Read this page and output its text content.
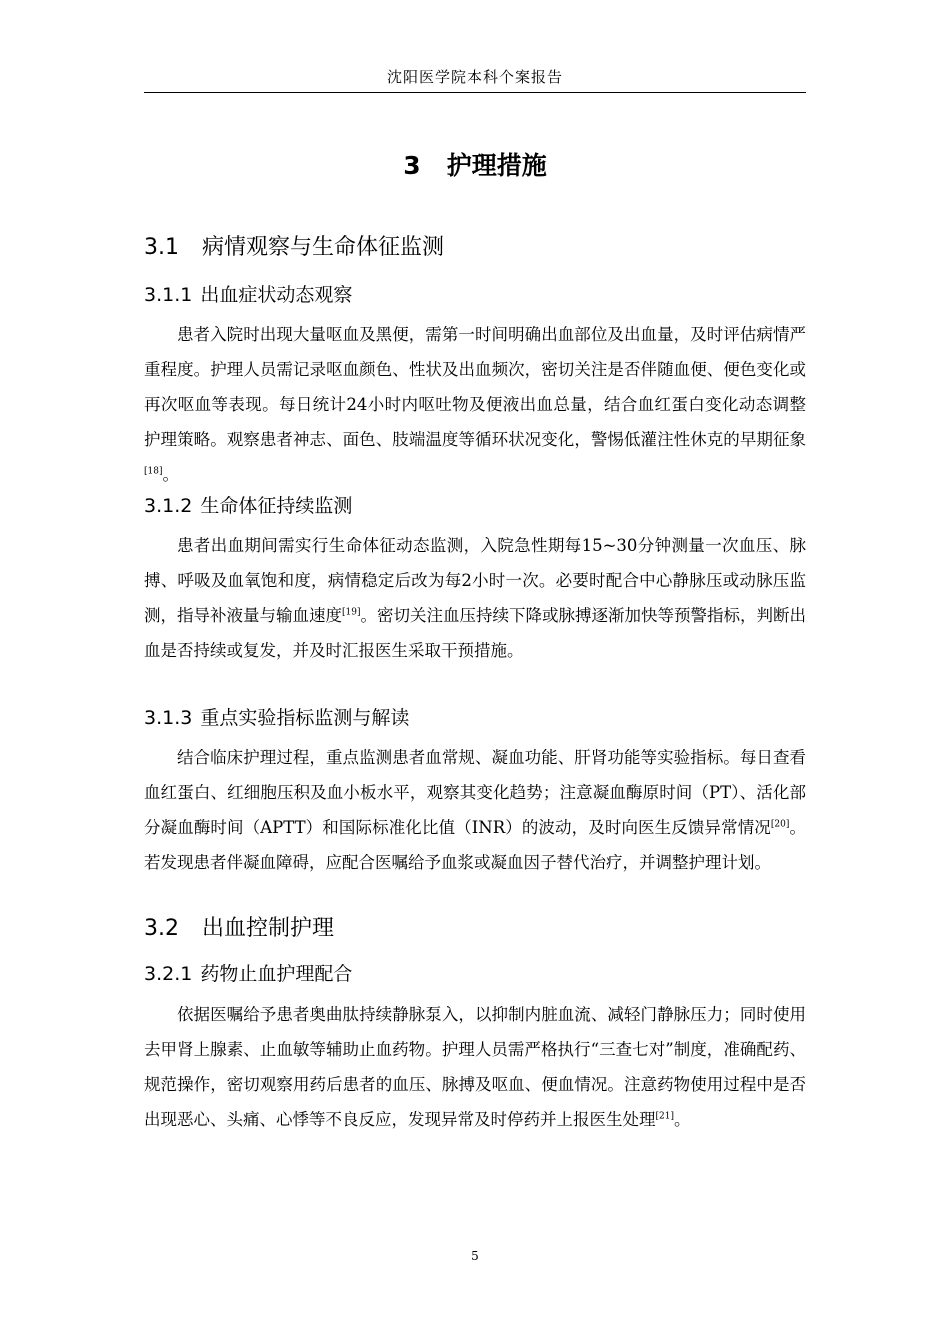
沈阳医学院本科个案报告
3 护理措施
3.1 病情观察与生命体征监测
3.1.1 出血症状动态观察

患者入院时出现大量呕血及黑便，需第一时间明确出血部位及出血量，及时评估病情严重程度。护理人员需记录呕血颜色、性状及出血频次，密切关注是否伴随血便、便色变化或再次呕血等表现。每日统计24小时内呕吐物及便液出血总量，结合血红蛋白变化动态调整护理策略。观察患者神志、面色、肢端温度等循环状况变化，警惕低灌注性休克的早期征象[18]。

3.1.2 生命体征持续监测

患者出血期间需实行生命体征动态监测，入院急性期每15~30分钟测量一次血压、脉搏、呼吸及血氧饱和度，病情稳定后改为每2小时一次。必要时配合中心静脉压或动脉压监测，指导补液量与输血速度[19]。密切关注血压持续下降或脉搏逐渐加快等预警指标，判断出血是否持续或复发，并及时汇报医生采取干预措施。

3.1.3 重点实验指标监测与解读

结合临床护理过程，重点监测患者血常规、凝血功能、肝肾功能等实验指标。每日查看血红蛋白、红细胞压积及血小板水平，观察其变化趋势；注意凝血酶原时间（PT）、活化部分凝血酶时间（APTT）和国际标准化比值（INR）的波动，及时向医生反馈异常情况[20]。若发现患者伴凝血障碍，应配合医嘱给予血浆或凝血因子替代治疗，并调整护理计划。

3.2 出血控制护理
3.2.1 药物止血护理配合

依据医嘱给予患者奥曲肽持续静脉泵入，以抑制内脏血流、减轻门静脉压力；同时使用去甲肾上腺素、止血敏等辅助止血药物。护理人员需严格执行“三查七对”制度，准确配药、规范操作，密切观察用药后患者的血压、脉搏及呕血、便血情况。注意药物使用过程中是否出现恶心、头痛、心悸等不良反应，发现异常及时停药并上报医生处理[21]。

5
